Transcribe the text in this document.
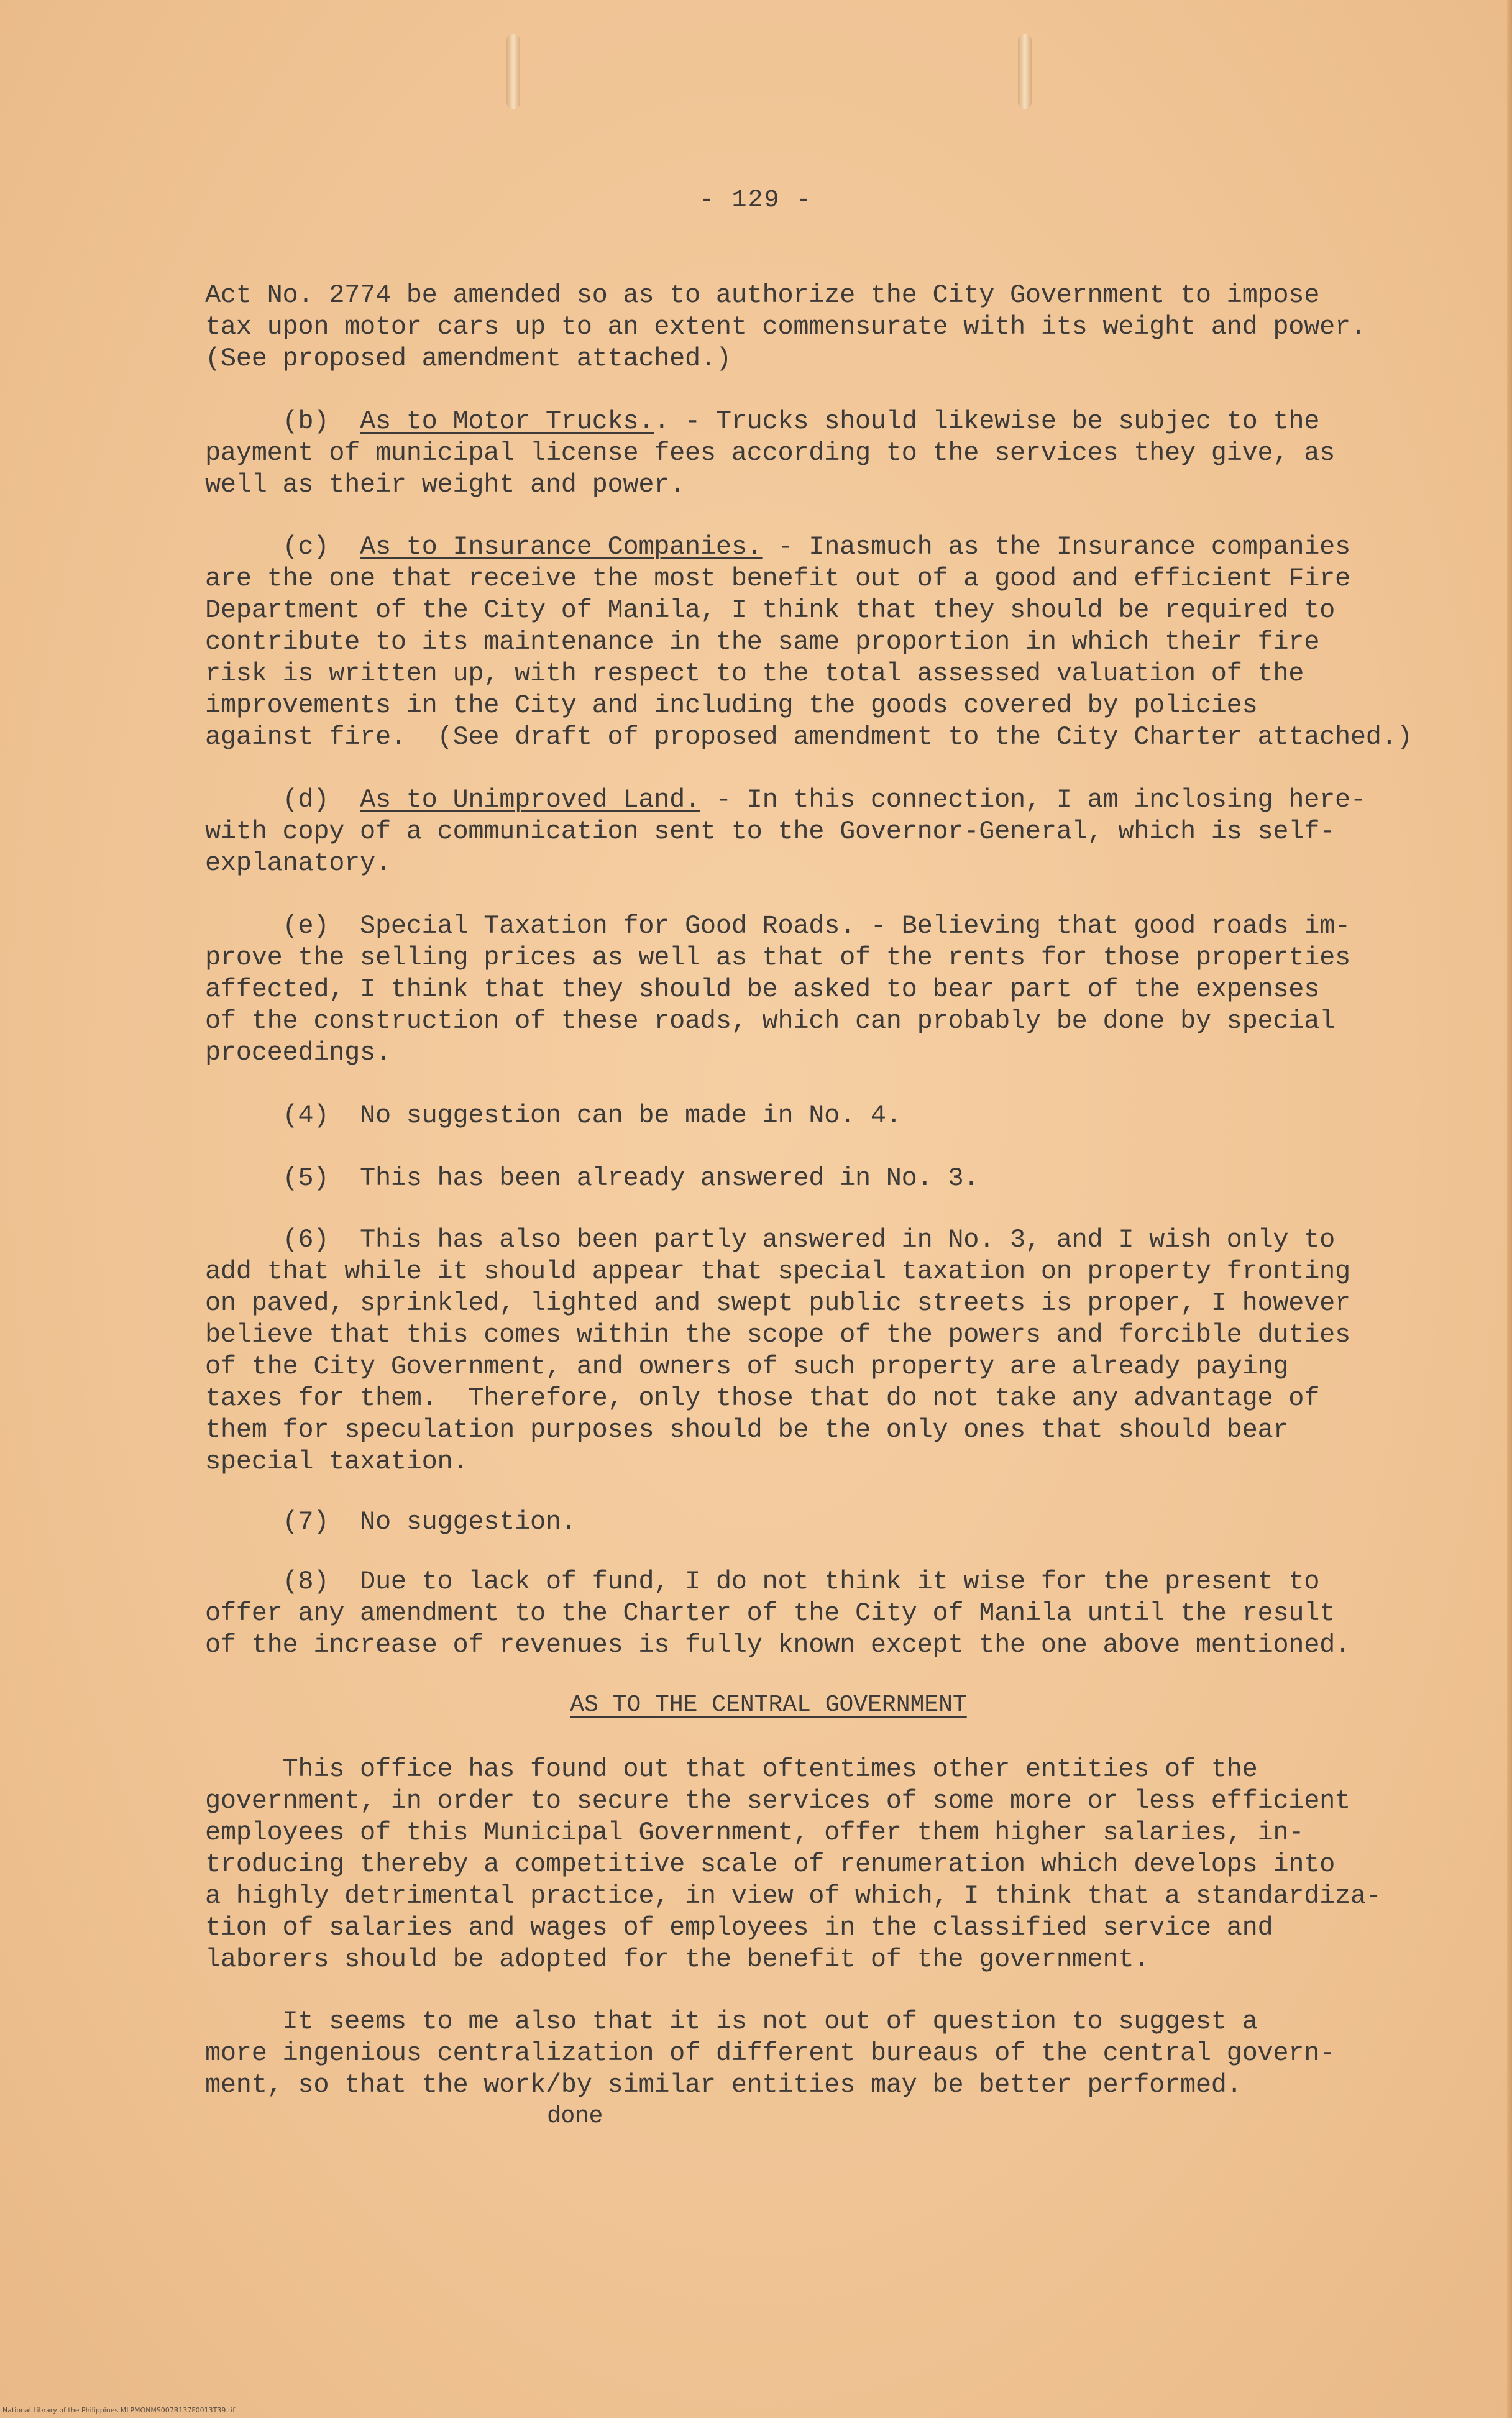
- 129 -

Act No. 2774 be amended so as to authorize the City Government to impose
tax upon motor cars up to an extent commensurate with its weight and power.
(See proposed amendment attached.)

(b) As to Motor Trucks.. - Trucks should likewise be subjec to the
payment of municipal license fees according to the services they give, as
well as their weight and power.

(c) As to Insurance Companies. - Inasmuch as the Insurance companies
are the one that receive the most benefit out of a good and efficient Fire
Department of the City of Manila, I think that they should be required to
contribute to its maintenance in the same proportion in which their fire
risk is written up, with respect to the total assessed valuation of the
improvements in the City and including the goods covered by policies
against fire.  (See draft of proposed amendment to the City Charter attached.)

(d) As to Unimproved Land. - In this connection, I am inclosing here-
with copy of a communication sent to the Governor-General, which is self-
explanatory.

(e)  Special Taxation for Good Roads. - Believing that good roads im-
prove the selling prices as well as that of the rents for those properties
affected, I think that they should be asked to bear part of the expenses
of the construction of these roads, which can probably be done by special
proceedings.

(4)  No suggestion can be made in No. 4.

(5)  This has been already answered in No. 3.

(6)  This has also been partly answered in No. 3, and I wish only to
add that while it should appear that special taxation on property fronting
on paved, sprinkled, lighted and swept public streets is proper, I however
believe that this comes within the scope of the powers and forcible duties
of the City Government, and owners of such property are already paying
taxes for them.  Therefore, only those that do not take any advantage of
them for speculation purposes should be the only ones that should bear
special taxation.

(7)  No suggestion.

(8)  Due to lack of fund, I do not think it wise for the present to
offer any amendment to the Charter of the City of Manila until the result
of the increase of revenues is fully known except the one above mentioned.

AS TO THE CENTRAL GOVERNMENT

This office has found out that oftentimes other entities of the
government, in order to secure the services of some more or less efficient
employees of this Municipal Government, offer them higher salaries, in-
troducing thereby a competitive scale of renumeration which develops into
a highly detrimental practice, in view of which, I think that a standardiza-
tion of salaries and wages of employees in the classified service and
laborers should be adopted for the benefit of the government.

It seems to me also that it is not out of question to suggest a
more ingenious centralization of different bureaus of the central govern-
ment, so that the work/by similar entities may be better performed.

done
National Library of the Philippines MLPMONMS007B137F0013T39.tif
